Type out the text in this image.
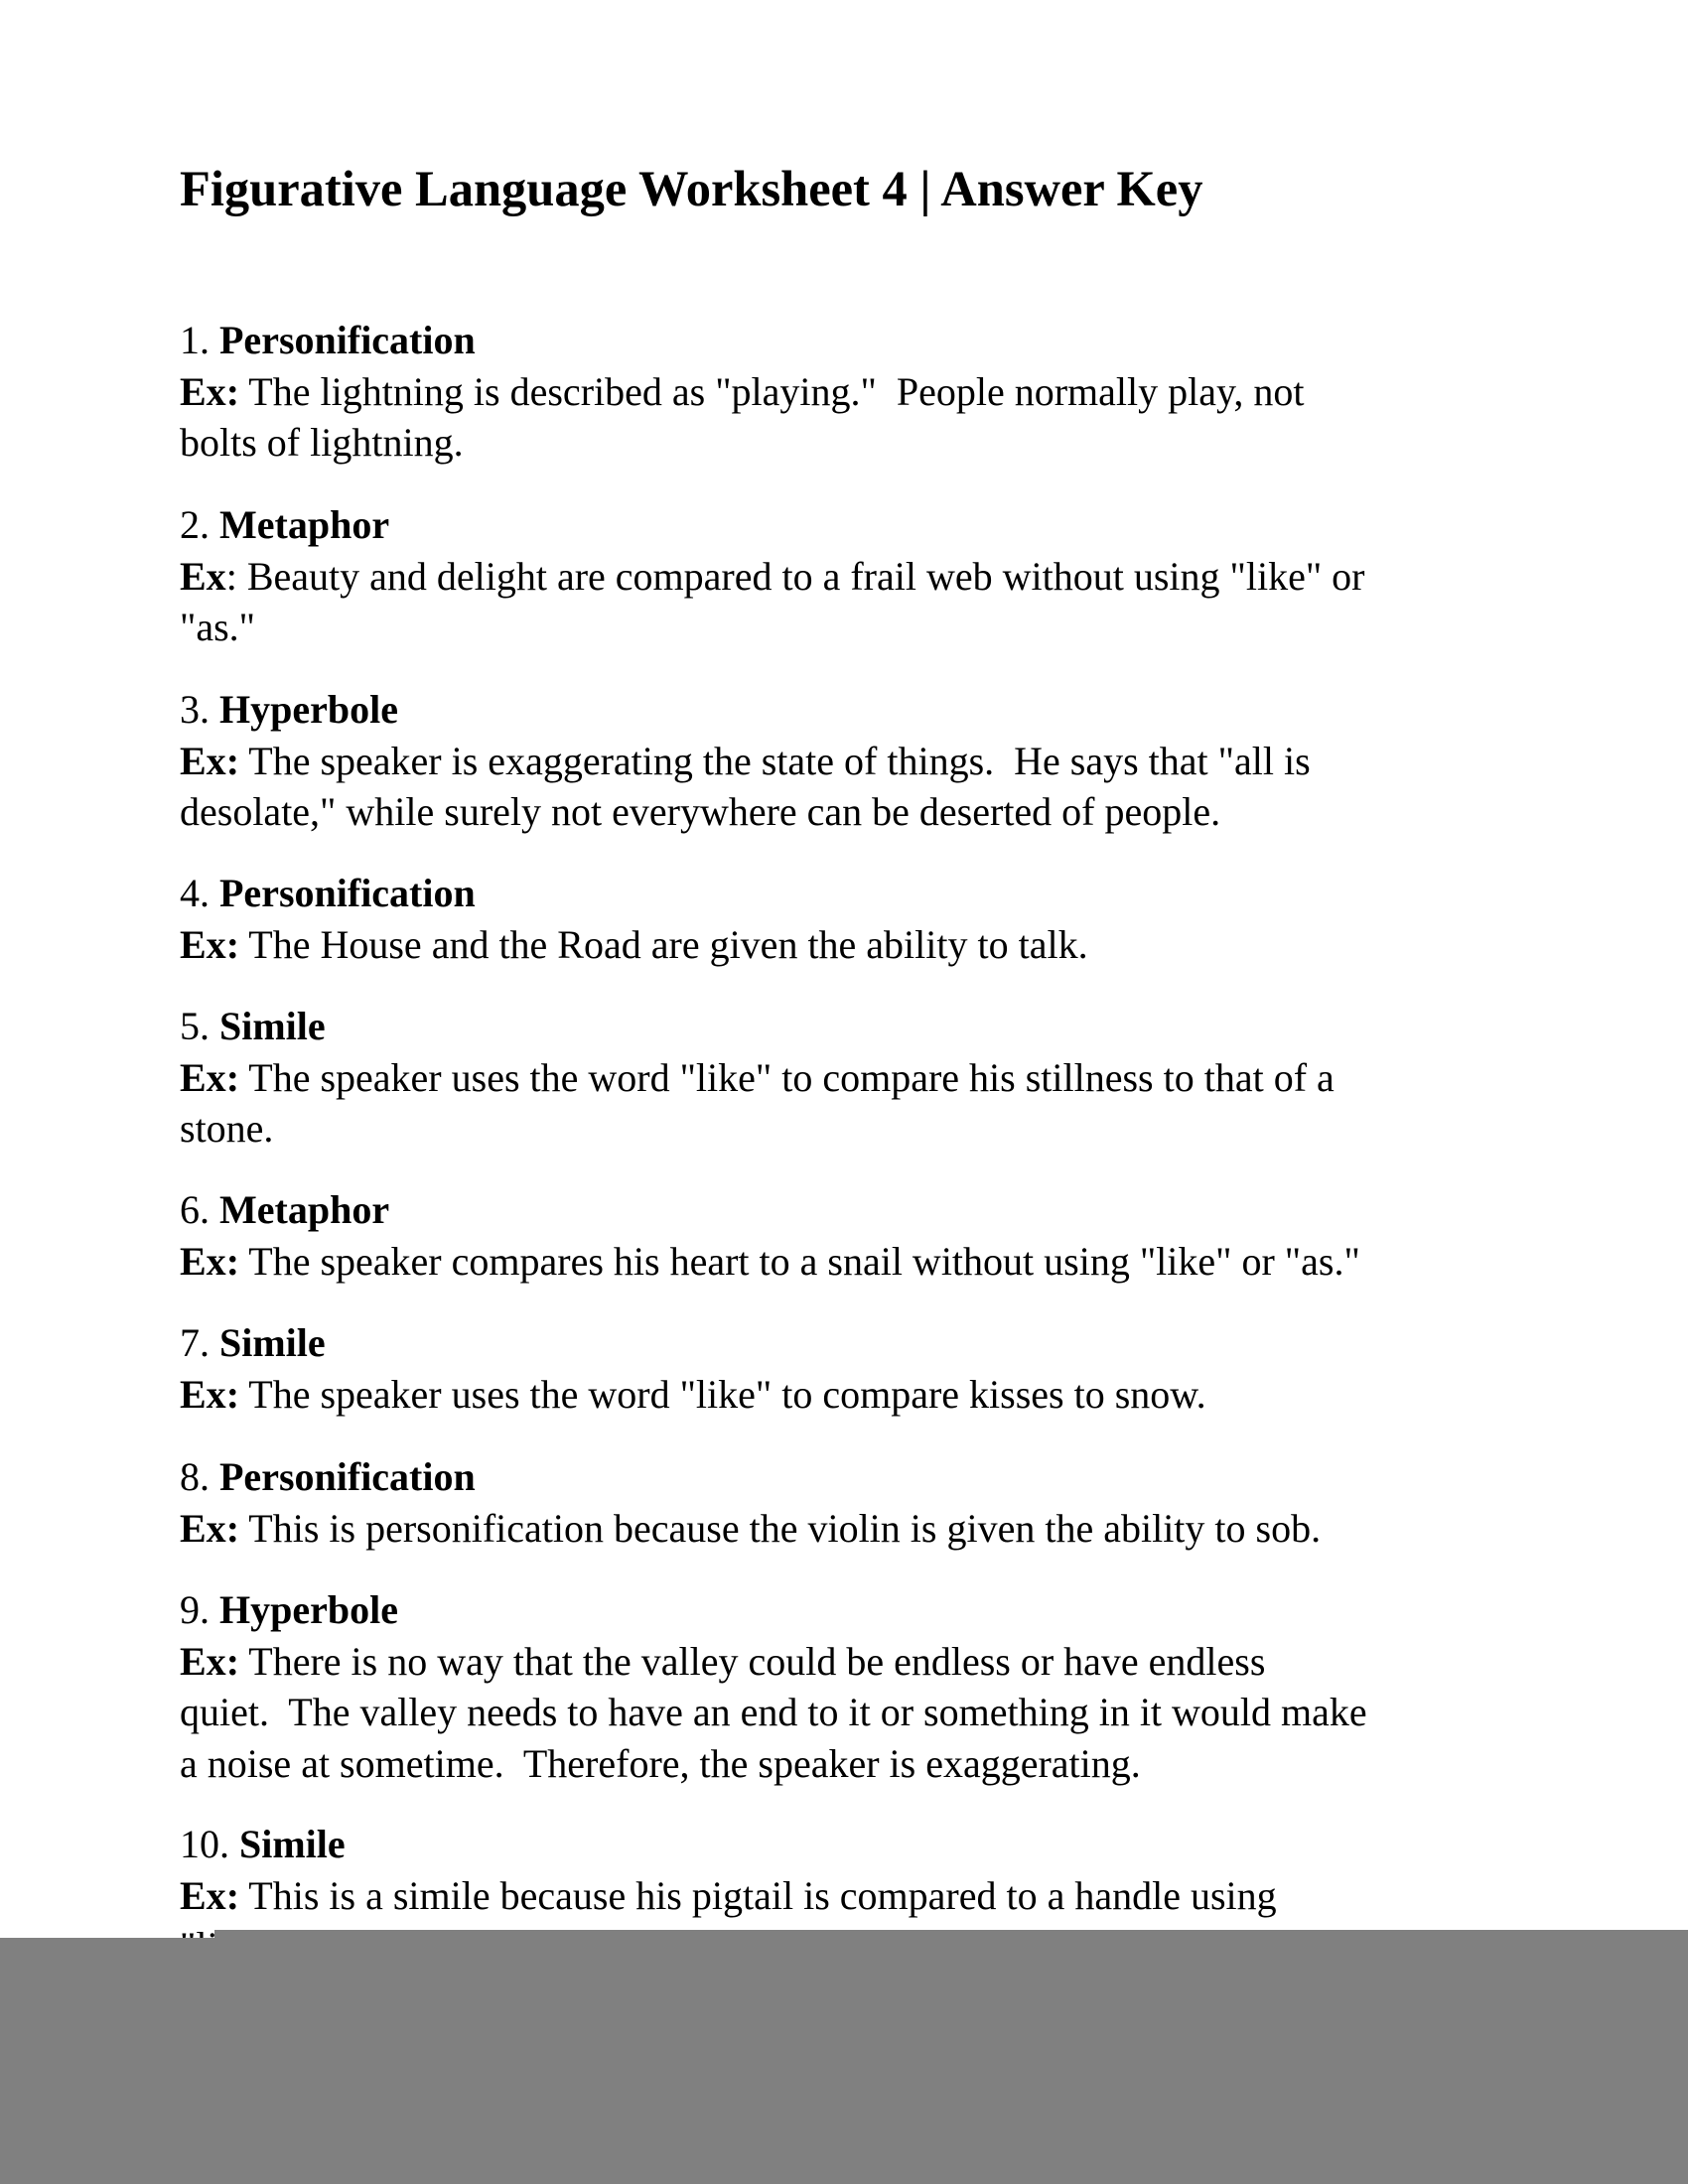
Figurative Language Worksheet 4 | Answer Key
1. Personification
Ex: The lightning is described as "playing."  People normally play, not
bolts of lightning.
2. Metaphor
Ex: Beauty and delight are compared to a frail web without using "like" or
"as."
3. Hyperbole
Ex: The speaker is exaggerating the state of things.  He says that "all is
desolate," while surely not everywhere can be deserted of people.
4. Personification
Ex: The House and the Road are given the ability to talk.
5. Simile
Ex: The speaker uses the word "like" to compare his stillness to that of a
stone.
6. Metaphor
Ex: The speaker compares his heart to a snail without using "like" or "as."
7. Simile
Ex: The speaker uses the word "like" to compare kisses to snow.
8. Personification
Ex: This is personification because the violin is given the ability to sob.
9. Hyperbole
Ex: There is no way that the valley could be endless or have endless
quiet.  The valley needs to have an end to it or something in it would make
a noise at sometime.  Therefore, the speaker is exaggerating.
10. Simile
Ex: This is a simile because his pigtail is compared to a handle using
